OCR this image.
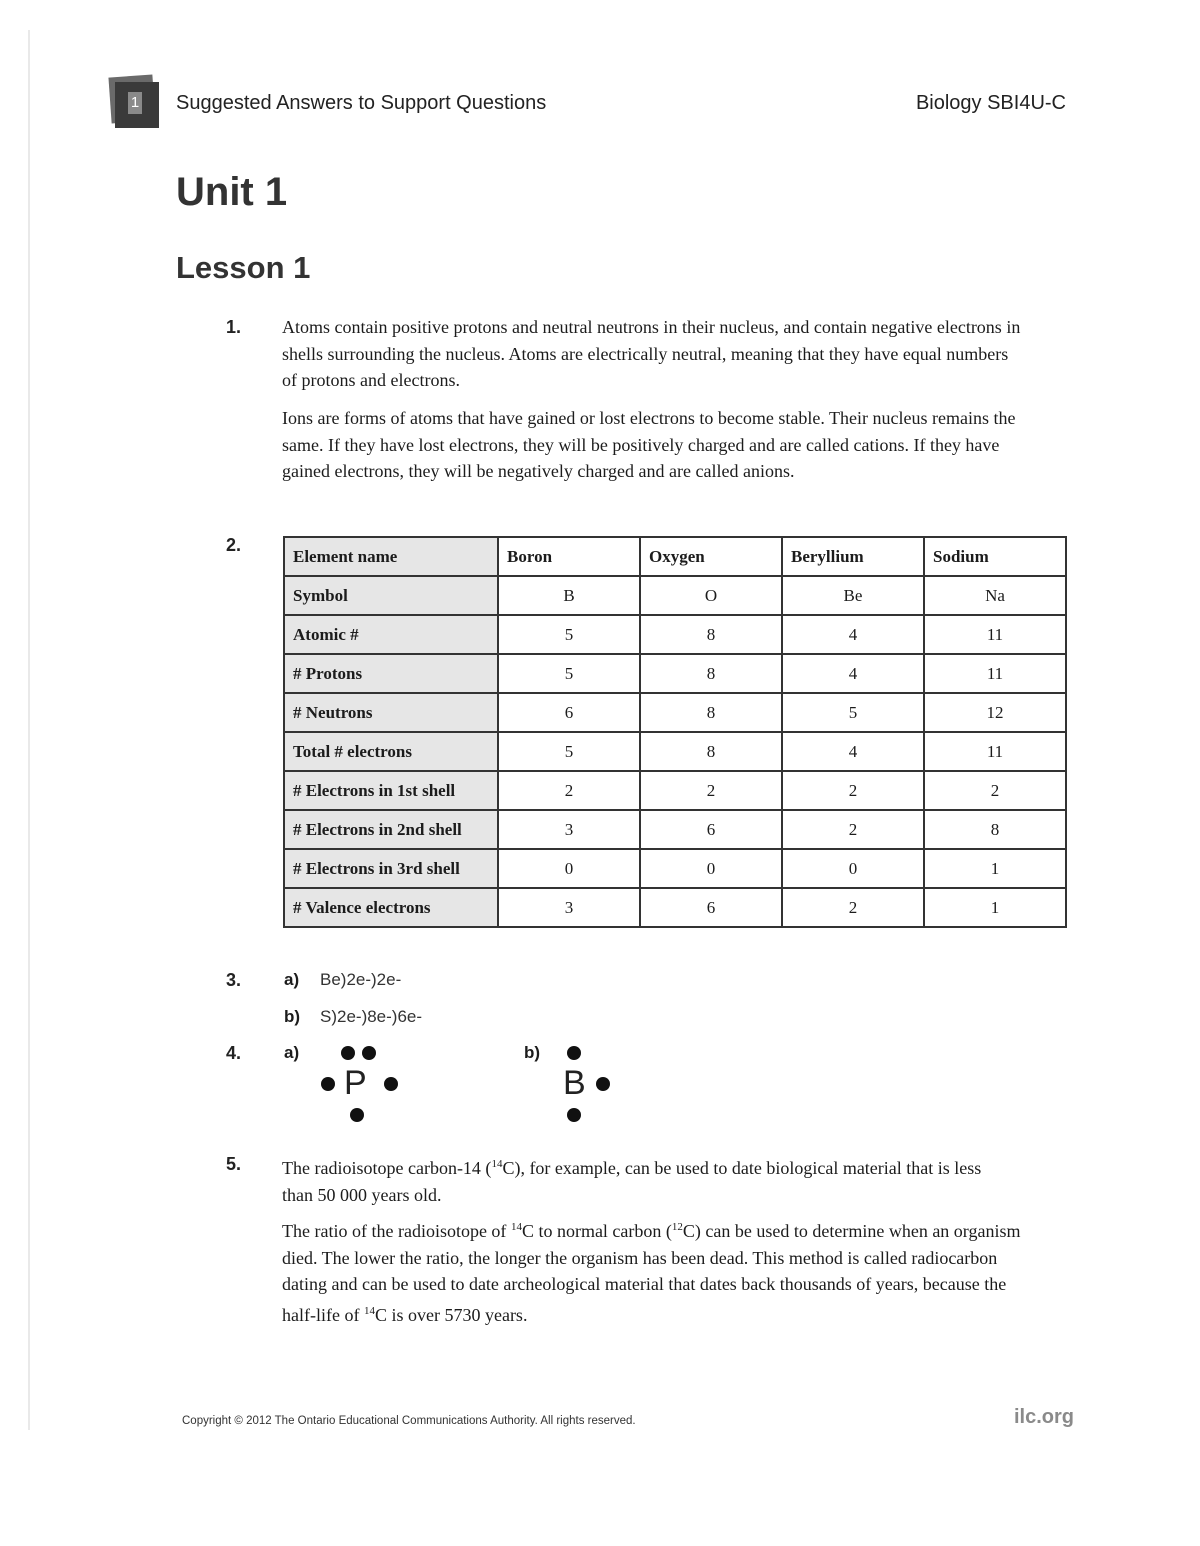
1 Suggested Answers to Support Questions	Biology SBI4U-C
Unit 1
Lesson 1
1. Atoms contain positive protons and neutral neutrons in their nucleus, and contain negative electrons in shells surrounding the nucleus. Atoms are electrically neutral, meaning that they have equal numbers of protons and electrons.

Ions are forms of atoms that have gained or lost electrons to become stable. Their nucleus remains the same. If they have lost electrons, they will be positively charged and are called cations. If they have gained electrons, they will be negatively charged and are called anions.

2.
Element name	Boron	Oxygen	Beryllium	Sodium
Symbol	B	O	Be	Na
Atomic #	5	8	4	11
# Protons	5	8	4	11
# Neutrons	6	8	5	12
Total # electrons	5	8	4	11
# Electrons in 1st shell	2	2	2	2
# Electrons in 2nd shell	3	6	2	8
# Electrons in 3rd shell	0	0	0	1
# Valence electrons	3	6	2	1
3.	a) Be)2e-)2e-
b) S)2e-)8e-)6e-
4.	a)
P
b)
B
5. The radioisotope carbon-14 ($^{14}$C), for example, can be used to date biological material that is less than 50 000 years old.

The ratio of the radioisotope of $^{14}$C to normal carbon ($^{12}$C) can be used to determine when an organism died. The lower the ratio, the longer the organism has been dead. This method is called radiocarbon dating and can be used to date archeological material that dates back thousands of years, because the half-life of $^{14}$C is over 5730 years.

Copyright © 2012 The Ontario Educational Communications Authority. All rights reserved.	ilc.org
